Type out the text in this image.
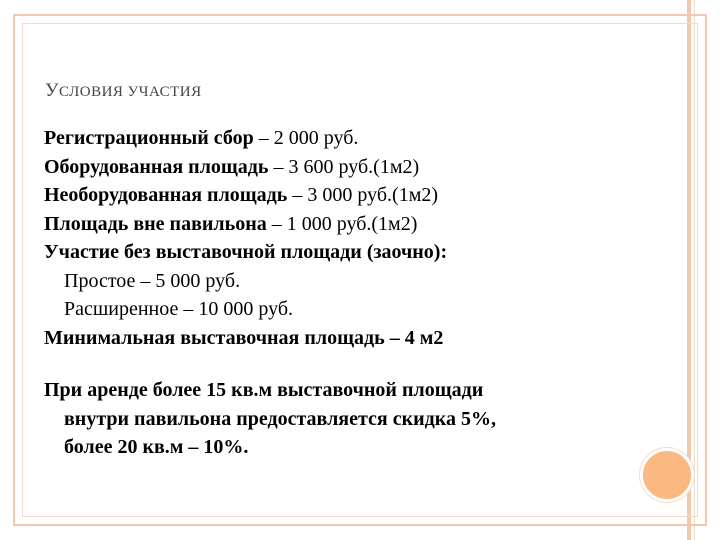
УСЛОВИЯ УЧАСТИЯ
Регистрационный сбор – 2 000 руб.
Оборудованная площадь – 3 600 руб.(1м2)
Необорудованная площадь – 3 000 руб.(1м2)
Площадь вне павильона – 1 000 руб.(1м2)
Участие без выставочной площади (заочно):
Простое – 5 000 руб.
Расширенное – 10 000 руб.
Минимальная выставочная площадь – 4 м2
При аренде более 15 кв.м выставочной площади
внутри павильона предоставляется скидка 5%,
более 20 кв.м – 10%.
